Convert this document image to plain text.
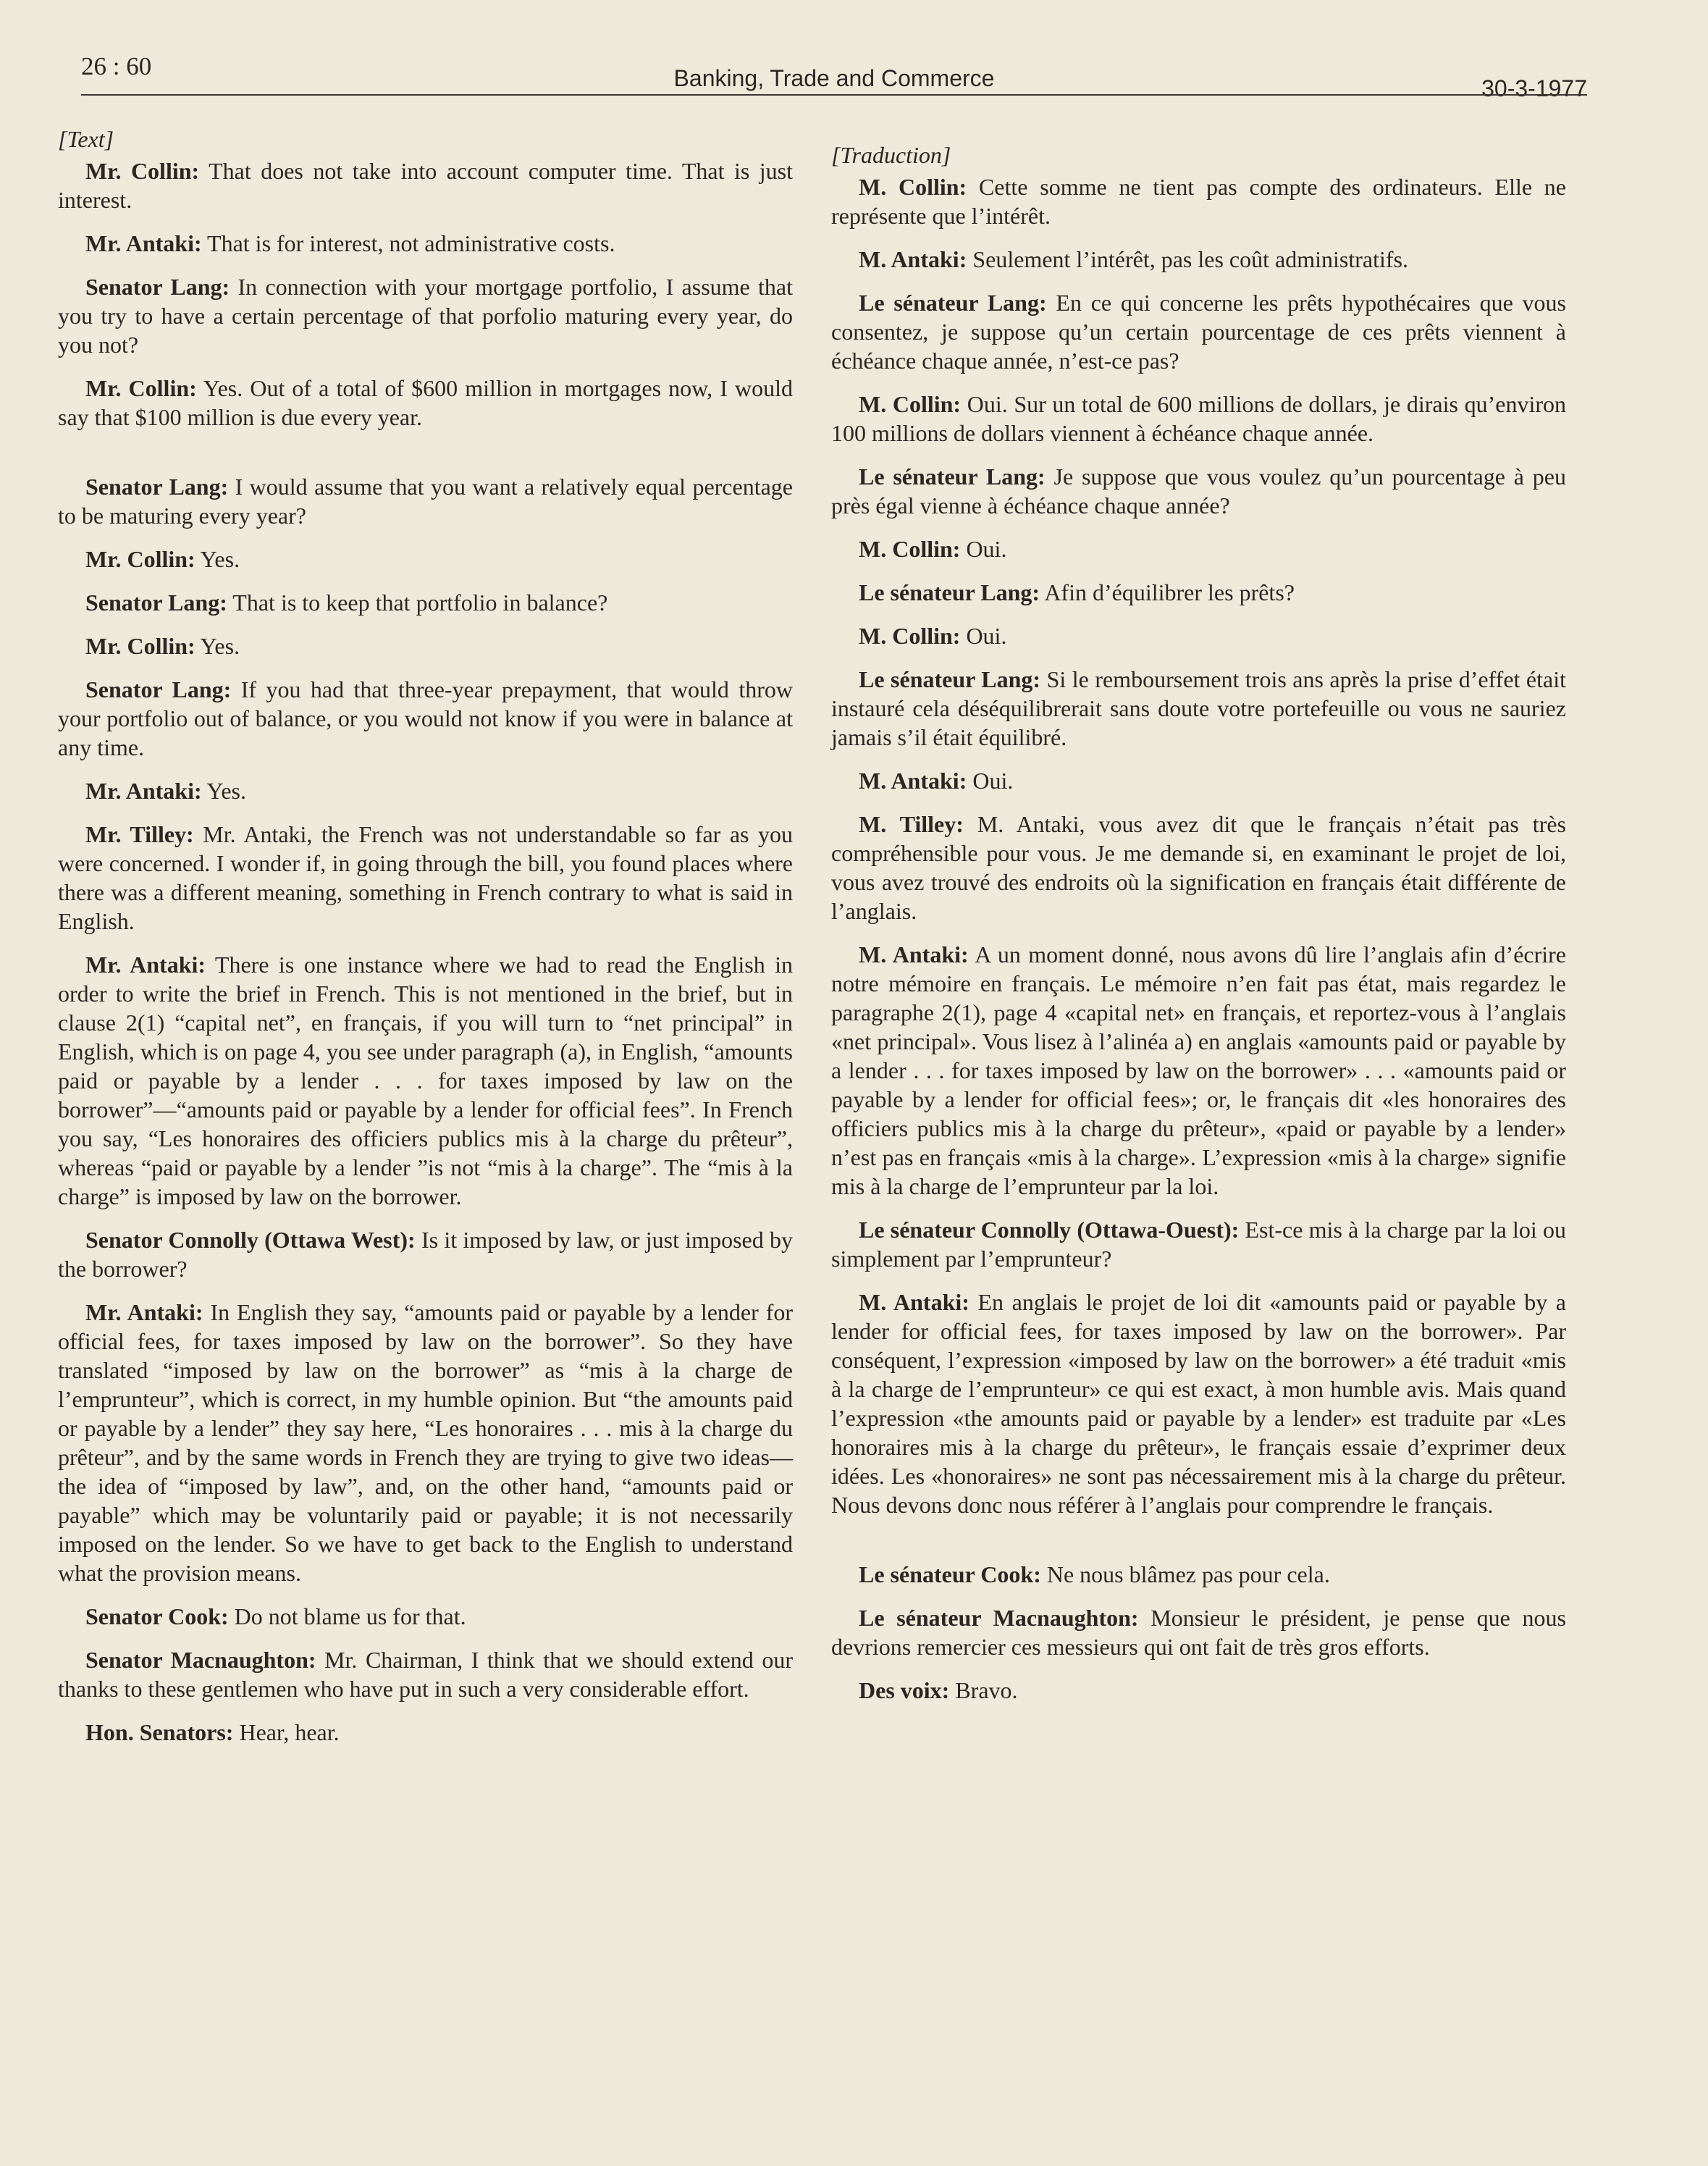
26 : 60	Banking, Trade and Commerce	30-3-1977

[Text]

Mr. Collin: That does not take into account computer time. That is just interest.

Mr. Antaki: That is for interest, not administrative costs.

Senator Lang: In connection with your mortgage portfolio, I assume that you try to have a certain percentage of that porfolio maturing every year, do you not?

Mr. Collin: Yes. Out of a total of $600 million in mortgages now, I would say that $100 million is due every year.

Senator Lang: I would assume that you want a relatively equal percentage to be maturing every year?

Mr. Collin: Yes.

Senator Lang: That is to keep that portfolio in balance?

Mr. Collin: Yes.

Senator Lang: If you had that three-year prepayment, that would throw your portfolio out of balance, or you would not know if you were in balance at any time.

Mr. Antaki: Yes.

Mr. Tilley: Mr. Antaki, the French was not understandable so far as you were concerned. I wonder if, in going through the bill, you found places where there was a different meaning, something in French contrary to what is said in English.

Mr. Antaki: There is one instance where we had to read the English in order to write the brief in French. This is not mentioned in the brief, but in clause 2(1) “capital net”, en français, if you will turn to “net principal” in English, which is on page 4, you see under paragraph (a), in English, “amounts paid or payable by a lender . . . for taxes imposed by law on the borrower”—“amounts paid or payable by a lender for official fees”. In French you say, “Les honoraires des officiers publics mis à la charge du prêteur”, whereas “paid or payable by a lender ”is not “mis à la charge”. The “mis à la charge” is imposed by law on the borrower.

Senator Connolly (Ottawa West): Is it imposed by law, or just imposed by the borrower?

Mr. Antaki: In English they say, “amounts paid or payable by a lender for official fees, for taxes imposed by law on the borrower”. So they have translated “imposed by law on the borrower” as “mis à la charge de l’emprunteur”, which is correct, in my humble opinion. But “the amounts paid or payable by a lender” they say here, “Les honoraires . . . mis à la charge du prêteur”, and by the same words in French they are trying to give two ideas—the idea of “imposed by law”, and, on the other hand, “amounts paid or payable” which may be voluntarily paid or payable; it is not necessarily imposed on the lender. So we have to get back to the English to understand what the provision means.

Senator Cook: Do not blame us for that.

Senator Macnaughton: Mr. Chairman, I think that we should extend our thanks to these gentlemen who have put in such a very considerable effort.

Hon. Senators: Hear, hear.

[Traduction]

M. Collin: Cette somme ne tient pas compte des ordinateurs. Elle ne représente que l’intérêt.

M. Antaki: Seulement l’intérêt, pas les coût administratifs.

Le sénateur Lang: En ce qui concerne les prêts hypothécaires que vous consentez, je suppose qu’un certain pourcentage de ces prêts viennent à échéance chaque année, n’est-ce pas?

M. Collin: Oui. Sur un total de 600 millions de dollars, je dirais qu’environ 100 millions de dollars viennent à échéance chaque année.

Le sénateur Lang: Je suppose que vous voulez qu’un pourcentage à peu près égal vienne à échéance chaque année?

M. Collin: Oui.

Le sénateur Lang: Afin d’équilibrer les prêts?

M. Collin: Oui.

Le sénateur Lang: Si le remboursement trois ans après la prise d’effet était instauré cela déséquilibrerait sans doute votre portefeuille ou vous ne sauriez jamais s’il était équilibré.

M. Antaki: Oui.

M. Tilley: M. Antaki, vous avez dit que le français n’était pas très compréhensible pour vous. Je me demande si, en examinant le projet de loi, vous avez trouvé des endroits où la signification en français était différente de l’anglais.

M. Antaki: A un moment donné, nous avons dû lire l’anglais afin d’écrire notre mémoire en français. Le mémoire n’en fait pas état, mais regardez le paragraphe 2(1), page 4 «capital net» en français, et reportez-vous à l’anglais «net principal». Vous lisez à l’alinéa a) en anglais «amounts paid or payable by a lender . . . for taxes imposed by law on the borrower» . . . «amounts paid or payable by a lender for official fees»; or, le français dit «les honoraires des officiers publics mis à la charge du prêteur», «paid or payable by a lender» n’est pas en français «mis à la charge». L’expression «mis à la charge» signifie mis à la charge de l’emprunteur par la loi.

Le sénateur Connolly (Ottawa-Ouest): Est-ce mis à la charge par la loi ou simplement par l’emprunteur?

M. Antaki: En anglais le projet de loi dit «amounts paid or payable by a lender for official fees, for taxes imposed by law on the borrower». Par conséquent, l’expression «imposed by law on the borrower» a été traduit «mis à la charge de l’emprunteur» ce qui est exact, à mon humble avis. Mais quand l’expression «the amounts paid or payable by a lender» est traduite par «Les honoraires mis à la charge du prêteur», le français essaie d’exprimer deux idées. Les «honoraires» ne sont pas nécessairement mis à la charge du prêteur. Nous devons donc nous référer à l’anglais pour comprendre le français.

Le sénateur Cook: Ne nous blâmez pas pour cela.

Le sénateur Macnaughton: Monsieur le président, je pense que nous devrions remercier ces messieurs qui ont fait de très gros efforts.

Des voix: Bravo.
